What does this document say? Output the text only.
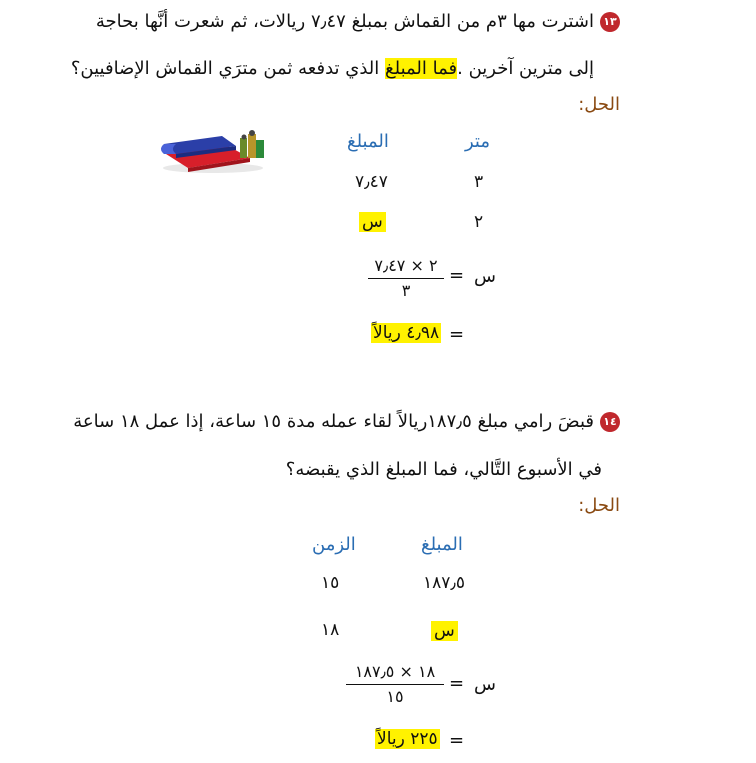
١٣اشترت مها ٣م من القماش بمبلغ ٧٫٤٧ ريالات، ثم شعرت أنَّها بحاجة
إلى مترين آخرين .فما المبلغ الذي تدفعه ثمن مترَي القماش الإضافيين؟
الحل:
المبلغ	متر
٧٫٤٧	٣
س	٢
س
=
٢ × ٧٫٤٧
٣
=
٤٫٩٨ ريالاً
١٤قبضَ رامي مبلغ ١٨٧٫٥ريالاً لقاء عمله مدة ١٥ ساعة، إذا عمل ١٨ ساعة
في الأسبوع التَّالي، فما المبلغ الذي يقبضه؟
الحل:
الزمن	المبلغ
١٥	١٨٧٫٥
١٨	س
س
=
١٨ × ١٨٧٫٥
١٥
=
٢٢٥ ريالاً
